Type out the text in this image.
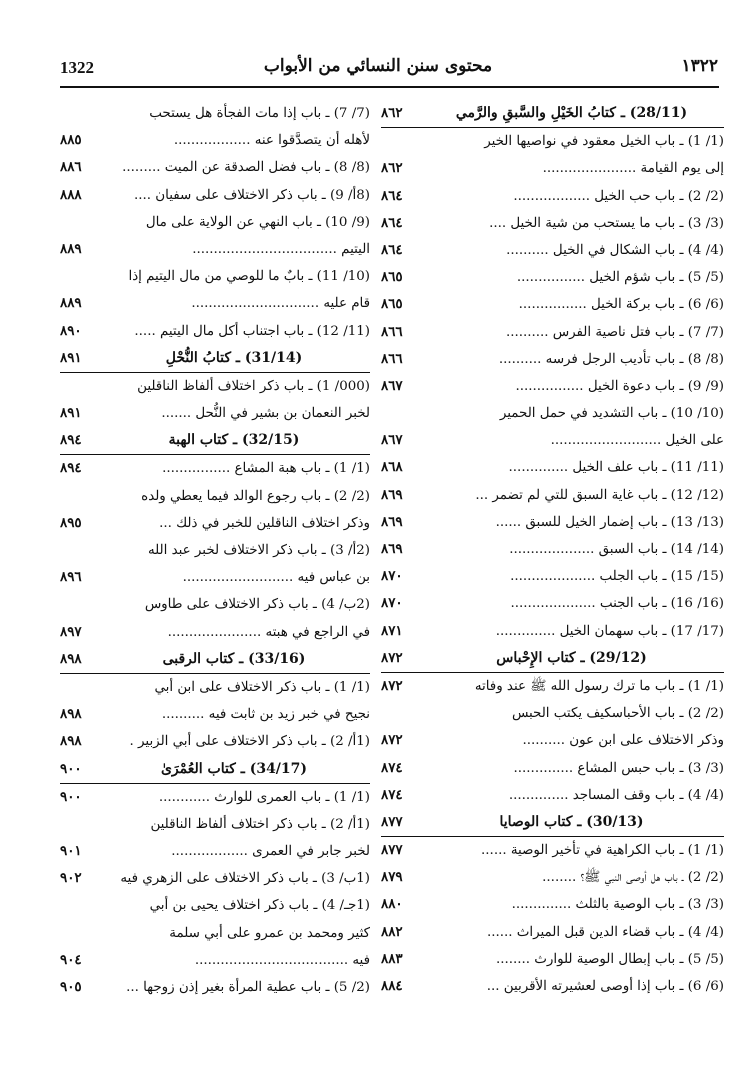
1322	محتوى سنن النسائي من الأبواب	١٣٢٢
(28/11) ـ كتابُ الخَيْلِ والسَّبقِ والرَّمي
٨٦٢
(1/ 1) ـ باب الخيل معقود في نواصيها الخير
إلى يوم القيامة ......................
٨٦٢
(2/ 2) ـ باب حب الخيل ..................
٨٦٤
(3/ 3) ـ باب ما يستحب من شية الخيل ....
٨٦٤
(4/ 4) ـ باب الشكال في الخيل ..........
٨٦٤
(5/ 5) ـ باب شؤم الخيل ................
٨٦٥
(6/ 6) ـ باب بركة الخيل ................
٨٦٥
(7/ 7) ـ باب فتل ناصية الفرس ..........
٨٦٦
(8/ 8) ـ باب تأديب الرجل فرسه ..........
٨٦٦
(9/ 9) ـ باب دعوة الخيل ................
٨٦٧
(10/ 10) ـ باب التشديد في حمل الحمير
على الخيل ..........................
٨٦٧
(11/ 11) ـ باب علف الخيل ..............
٨٦٨
(12/ 12) ـ باب غاية السبق للتي لم تضمر ...
٨٦٩
(13/ 13) ـ باب إضمار الخيل للسبق ......
٨٦٩
(14/ 14) ـ باب السبق ....................
٨٦٩
(15/ 15) ـ باب الجلب ....................
٨٧٠
(16/ 16) ـ باب الجنب ....................
٨٧٠
(17/ 17) ـ باب سهمان الخيل ..............
٨٧١
(29/12) ـ كتاب الإِحْباس
٨٧٢
(1/ 1) ـ باب ما ترك رسول الله ﷺ عند وفاته
٨٧٢
(2/ 2) ـ باب الأحباسكيف يكتب الحبس
وذكر الاختلاف على ابن عون ..........
٨٧٢
(3/ 3) ـ باب حبس المشاع ..............
٨٧٤
(4/ 4) ـ باب وقف المساجد ..............
٨٧٤
(30/13) ـ كتاب الوصايا
٨٧٧
(1/ 1) ـ باب الكراهية في تأخير الوصية ......
٨٧٧
(2/ 2) ـ باب هل أوصى النبي ﷺ؟ ........
٨٧٩
(3/ 3) ـ باب الوصية بالثلث ..............
٨٨٠
(4/ 4) ـ باب قضاء الدين قبل الميراث ......
٨٨٢
(5/ 5) ـ باب إبطال الوصية للوارث ........
٨٨٣
(6/ 6) ـ باب إذا أوصى لعشيرته الأقربين ...
٨٨٤
(7/ 7) ـ باب إذا مات الفجأة هل يستحب
لأهله أن يتصدَّقوا عنه ..................
٨٨٥
(8/ 8) ـ باب فضل الصدقة عن الميت .........
٨٨٦
(8أ/ 9) ـ باب ذكر الاختلاف على سفيان ....
٨٨٨
(9/ 10) ـ باب النهي عن الولاية على مال
اليتيم ..................................
٨٨٩
(10/ 11) ـ بابٌ ما للوصي من مال اليتيم إذا
قام عليه ..............................
٨٨٩
(11/ 12) ـ باب اجتناب أكل مال اليتيم .....
٨٩٠
(31/14) ـ كتابُ النُّحْلِ
٨٩١
(000/ 1) ـ باب ذكر اختلاف ألفاظ الناقلين
لخبر النعمان بن بشير في النُّحل .......
٨٩١
(32/15) ـ كتاب الهبة
٨٩٤
(1/ 1) ـ باب هبة المشاع ................
٨٩٤
(2/ 2) ـ باب رجوع الوالد فيما يعطي ولده
وذكر اختلاف الناقلين للخبر في ذلك ...
٨٩٥
(2أ/ 3) ـ باب ذكر الاختلاف لخبر عبد الله
بن عباس فيه ..........................
٨٩٦
(2ب/ 4) ـ باب ذكر الاختلاف على طاوس
في الراجع في هبته ......................
٨٩٧
(33/16) ـ كتاب الرقبى
٨٩٨
(1/ 1) ـ باب ذكر الاختلاف على ابن أبي
نجيح في خبر زيد بن ثابت فيه ..........
٨٩٨
(1أ/ 2) ـ باب ذكر الاختلاف على أبي الزبير .
٨٩٨
(34/17) ـ كتاب العُمْرَىٰ
٩٠٠
(1/ 1) ـ باب العمرى للوارث ............
٩٠٠
(1أ/ 2) ـ باب ذكر اختلاف ألفاظ الناقلين
لخبر جابر في العمرى ..................
٩٠١
(1ب/ 3) ـ باب ذكر الاختلاف على الزهري فيه
٩٠٢
(1جـ/ 4) ـ باب ذكر اختلاف يحيى بن أبي
كثير ومحمد بن عمرو على أبي سلمة
فيه ....................................
٩٠٤
(2/ 5) ـ باب عطية المرأة بغير إذن زوجها ...
٩٠٥
